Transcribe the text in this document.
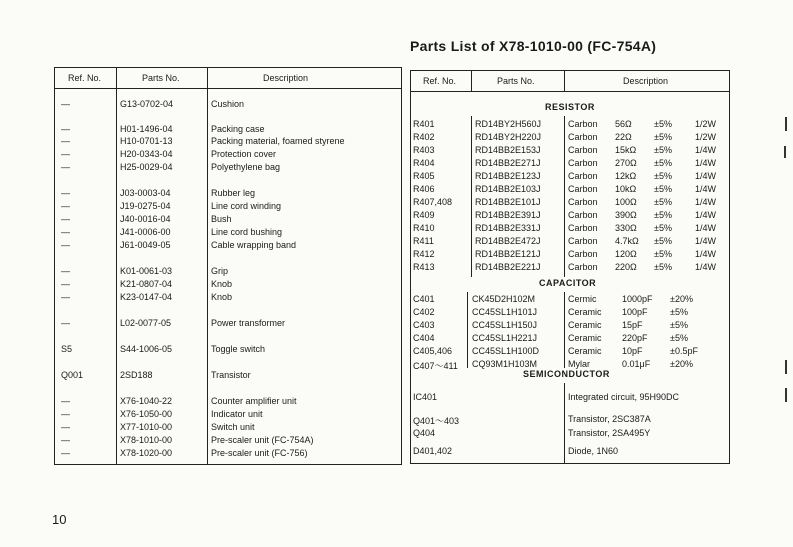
Parts List of X78-1010-00 (FC-754A)
Ref. No.	Parts No.	Description
—	G13-0702-04	Cushion
—	H01-1496-04	Packing case
—	H10-0701-13	Packing material, foamed styrene
—	H20-0343-04	Protection cover
—	H25-0029-04	Polyethylene bag
—	J03-0003-04	Rubber leg
—	J19-0275-04	Line cord winding
—	J40-0016-04	Bush
—	J41-0006-00	Line cord bushing
—	J61-0049-05	Cable wrapping band
—	K01-0061-03	Grip
—	K21-0807-04	Knob
—	K23-0147-04	Knob
—	L02-0077-05	Power transformer
S5	S44-1006-05	Toggle switch
Q001	2SD188	Transistor
—	X76-1040-22	Counter amplifier unit
—	X76-1050-00	Indicator unit
—	X77-1010-00	Switch unit
—	X78-1010-00	Pre-scaler unit (FC-754A)
—	X78-1020-00	Pre-scaler unit (FC-756)
Ref. No.	Parts No.	Description
RESISTOR
CAPACITOR
SEMICONDUCTOR
R401	RD14BY2H560J	Carbon 56Ω ±5%	1/2W
R402	RD14BY2H220J	Carbon 22Ω ±5%	1/2W
R403	RD14BB2E153J	Carbon 15kΩ ±5%	1/4W
R404	RD14BB2E271J	Carbon 270Ω ±5%	1/4W
R405	RD14BB2E123J	Carbon 12kΩ ±5%	1/4W
R406	RD14BB2E103J	Carbon 10kΩ ±5%	1/4W
R407,408	RD14BB2E101J	Carbon 100Ω ±5%	1/4W
R409	RD14BB2E391J	Carbon 390Ω ±5%	1/4W
R410	RD14BB2E331J	Carbon 330Ω ±5%	1/4W
R411	RD14BB2E472J	Carbon 4.7kΩ ±5%	1/4W
R412	RD14BB2E121J	Carbon 120Ω ±5%	1/4W
R413	RD14BB2E221J	Carbon 220Ω ±5%	1/4W
C401	CK45D2H102M	Cermic	1000pF ±20%
C402	CC45SL1H101J	Ceramic 100pF ±5%
C403	CC45SL1H150J	Ceramic 15pF	±5%
C404	CC45SL1H221J	Ceramic 220pF ±5%
C405,406 CC45SL1H100D	Ceramic 10pF	±0.5pF
C407～411 CQ93M1H103M	Mylar	0.01μF ±20%
IC401	Integrated circuit, 95H90DC
Q401～403	Transistor, 2SC387A
Q404	Transistor, 2SA495Y
D401,402	Diode, 1N60
10
